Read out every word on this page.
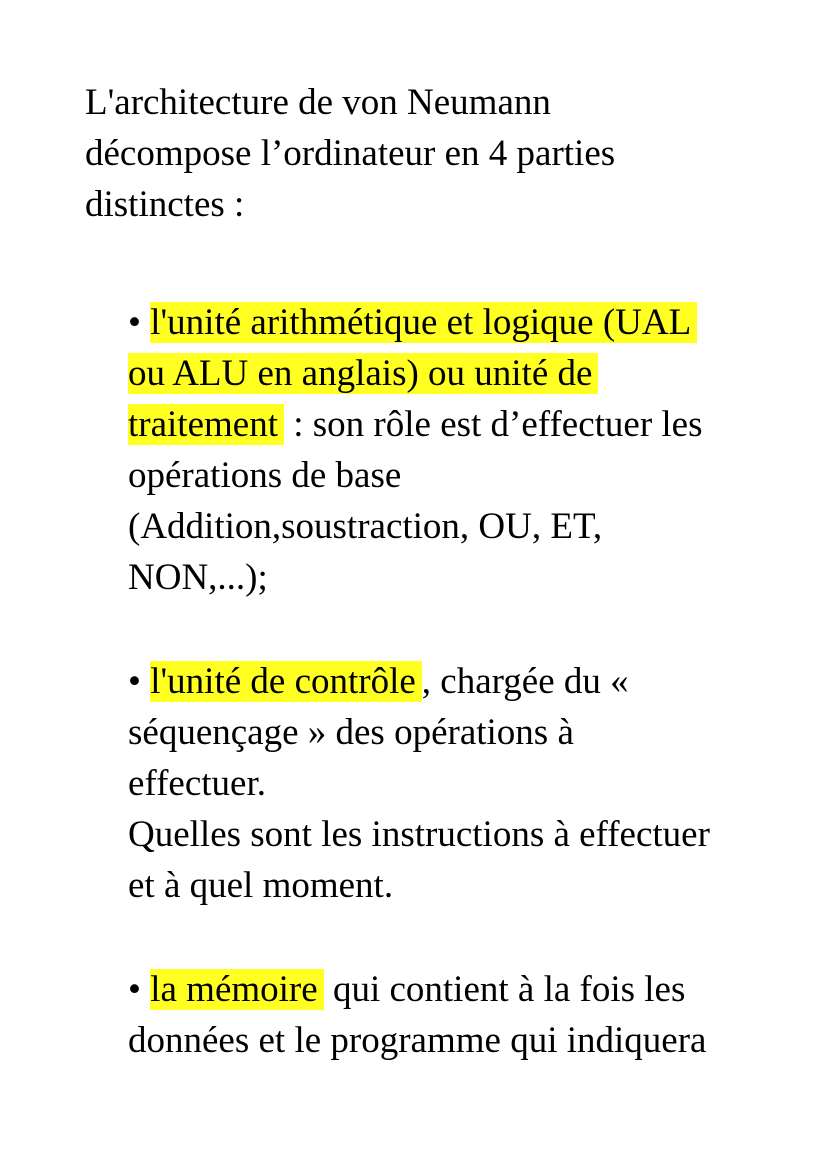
L'architecture de von Neumann
décompose l’ordinateur en 4 parties
distinctes :

• l'unité arithmétique et logique (UAL
ou ALU en anglais) ou unité de
traitement : son rôle est d’effectuer les
opérations de base
(Addition,soustraction, OU, ET,
NON,...);

• l'unité de contrôle , chargée du «
séquençage » des opérations à
effectuer.
Quelles sont les instructions à effectuer
et à quel moment.

• la mémoire qui contient à la fois les
données et le programme qui indiquera
